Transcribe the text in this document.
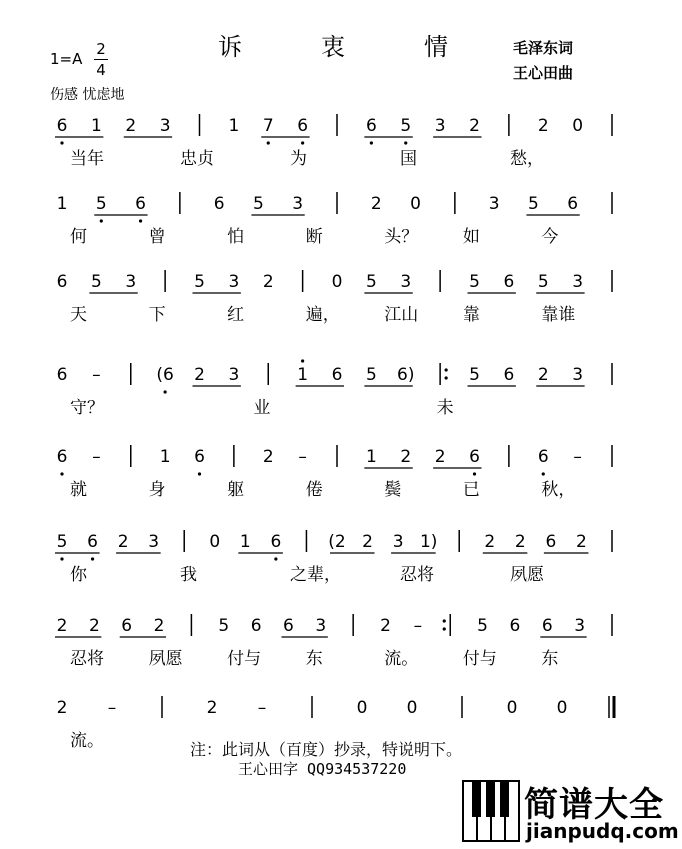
诉	衷	情	毛泽东词
王心田曲
1=A
2
4
伤感 忧虑地
6 1 2 3	1 7 6	6 5 3 2	2 0
当年	忠贞	为	国	愁，
1 5 6	6 5 3	2 0	3 5 6
何	曾	怕	断	头？	如	今
6 5 3	5 3 2	0 5 3	5 6 5 3
天	下	红	遍，	江山	靠	靠谁
6 –	(6 2 3	1 6 5 6)	5 6 2 3
守？	业	未
6 –	1 6	2 –	1 2 2 6	6 –
就	身	躯	倦	鬓	已	秋，
5 6 2 3	0 1 6	(2 2 3 1)	2 2 6 2
你	我	之辈，	忍将	夙愿
2 2 6 2	5 6 6 3	2 –	5 6 6 3
忍将	夙愿	付与	东	流。	付与	东
2 –	2 –	0 0	0 0
流。	注：此词从（百度）抄录，特说明下。
王心田字 QQ934537220
简谱大全
jianpudq.com
